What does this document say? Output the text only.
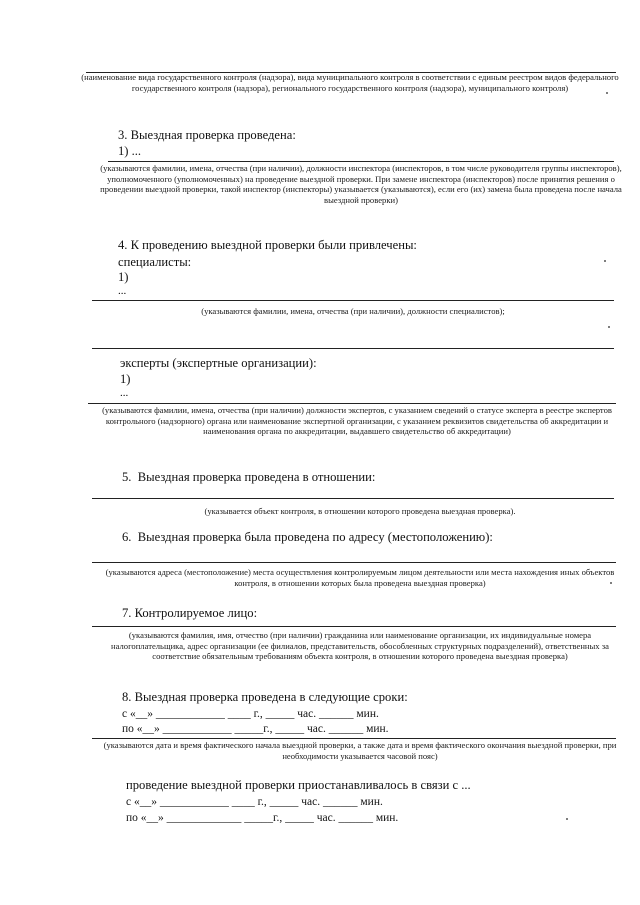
(наименование вида государственного контроля (надзора), вида муниципального контроля в соответствии с единым реестром видов федерального государственного контроля (надзора), регионального государственного контроля (надзора), муниципального контроля)
3. Выездная проверка проведена:
1) ...
(указываются фамилии, имена, отчества (при наличии), должности инспектора (инспекторов, в том числе руководителя группы инспекторов), уполномоченного (уполномоченных) на проведение выездной проверки. При замене инспектора (инспекторов) после принятия решения о проведении выездной проверки, такой инспектор (инспекторы) указывается (указываются), если его (их) замена была проведена после начала выездной проверки)
4. К проведению выездной проверки были привлечены:
специалисты:
1)
...
(указываются фамилии, имена, отчества (при наличии), должности специалистов);
эксперты (экспертные организации):
1)
...
(указываются фамилии, имена, отчества (при наличии) должности экспертов, с указанием сведений о статусе эксперта в реестре экспертов контрольного (надзорного) органа или наименование экспертной организации, с указанием реквизитов свидетельства об аккредитации и наименования органа по аккредитации, выдавшего свидетельство об аккредитации)
5.  Выездная проверка проведена в отношении:
(указывается объект контроля, в отношении которого проведена выездная проверка).
6.  Выездная проверка была проведена по адресу (местоположению):
(указываются адреса (местоположение) места осуществления контролируемым лицом деятельности или места нахождения иных объектов контроля, в отношении которых была проведена выездная проверка)
7. Контролируемое лицо:
(указываются фамилия, имя, отчество (при наличии) гражданина или наименование организации, их индивидуальные номера налогоплательщика, адрес организации (ее филиалов, представительств, обособленных структурных подразделений), ответственных за соответствие обязательным требованиям объекта контроля, в отношении которого проведена выездная проверка)
8. Выездная проверка проведена в следующие сроки:
с «__» ____________ ____ г., _____ час. ______ мин.
по «__» ____________ _____г., _____ час. ______ мин.
(указываются дата и время фактического начала выездной проверки, а также дата и время фактического окончания выездной проверки, при необходимости указывается часовой пояс)
проведение выездной проверки приостанавливалось в связи с ...
с «__» ____________ ____ г., _____ час. ______ мин.
по «__» _____________ _____г., _____ час. ______ мин.
